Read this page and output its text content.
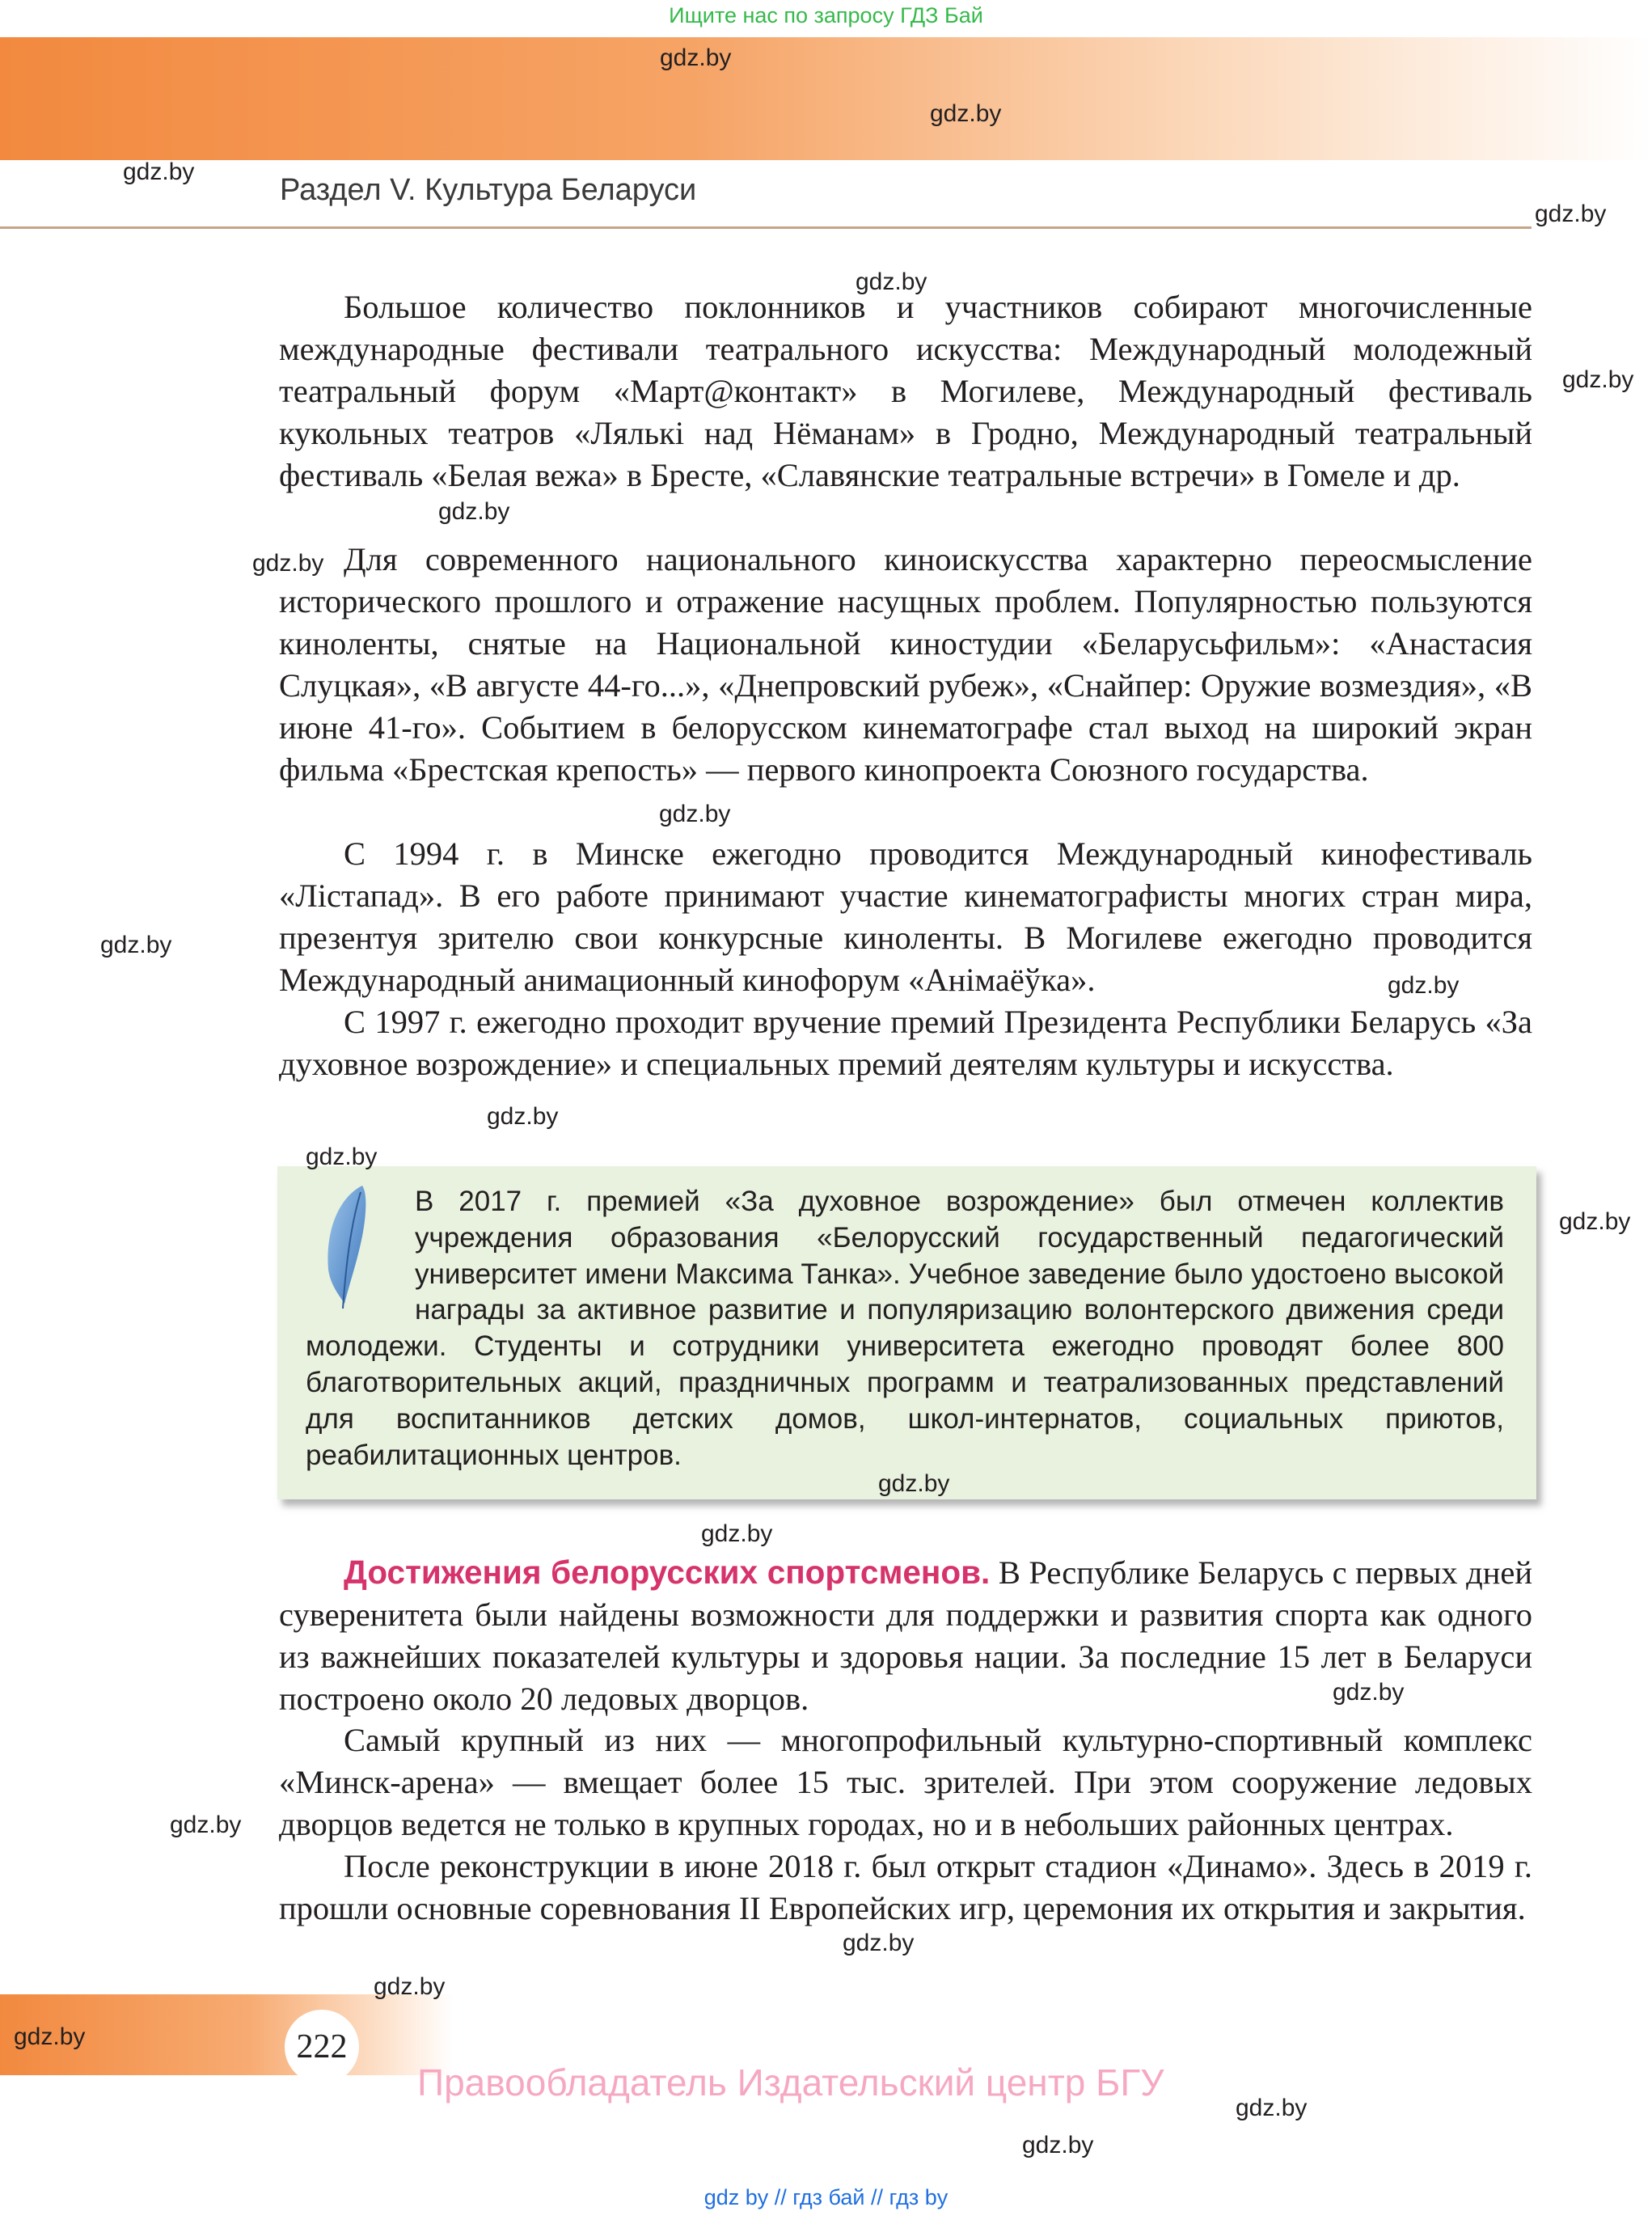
Ищите нас по запросу ГДЗ Бай
Раздел V. Культура Беларуси

Большое количество поклонников и участников собирают многочисленные международные фестивали театрального искусства: Международный молодежный театральный форум «Март@контакт» в Могилеве, Международный фестиваль кукольных театров «Лялькі над Нёманам» в Гродно, Международный театральный фестиваль «Белая вежа» в Бресте, «Славянские театральные встречи» в Гомеле и др.

Для современного национального киноискусства характерно переосмысление исторического прошлого и отражение насущных проблем. Популярностью пользуются киноленты, снятые на Национальной киностудии «Беларусьфильм»: «Анастасия Слуцкая», «В августе 44-го...», «Днепровский рубеж», «Снайпер: Оружие возмездия», «В июне 41-го». Событием в белорусском кинематографе стал выход на широкий экран фильма «Брестская крепость» — первого кинопроекта Союзного государства.

С 1994 г. в Минске ежегодно проводится Международный кинофестиваль «Лістапад». В его работе принимают участие кинематографисты многих стран мира, презентуя зрителю свои конкурсные киноленты. В Могилеве ежегодно проводится Международный анимационный кинофорум «Анімаёўка».

С 1997 г. ежегодно проходит вручение премий Президента Республики Беларусь «За духовное возрождение» и специальных премий деятелям культуры и искусства.

В 2017 г. премией «За духовное возрождение» был отмечен коллектив учреждения образования «Белорусский государственный педагогический университет имени Максима Танка». Учебное заведение было удостоено высокой награды за активное развитие и популяризацию волонтерского движения среди молодежи. Студенты и сотрудники университета ежегодно проводят более 800 благотворительных акций, праздничных программ и театрализованных представлений для воспитанников детских домов, школ-интернатов, социальных приютов, реабилитационных центров.

Достижения белорусских спортсменов. В Республике Беларусь с первых дней суверенитета были найдены возможности для поддержки и развития спорта как одного из важнейших показателей культуры и здоровья нации. За последние 15 лет в Беларуси построено около 20 ледовых дворцов.

Самый крупный из них — многопрофильный культурно-спортивный комплекс «Минск-арена» — вмещает более 15 тыс. зрителей. При этом сооружение ледовых дворцов ведется не только в крупных городах, но и в небольших районных центрах.

После реконструкции в июне 2018 г. был открыт стадион «Динамо». Здесь в 2019 г. прошли основные соревнования II Европейских игр, церемония их открытия и закрытия.

222
Правообладатель Издательский центр БГУ
gdz by // гдз бай // гдз by
gdz.by
gdz.by
gdz.by
gdz.by
gdz.by
gdz.by
gdz.by
gdz.by
gdz.by
gdz.by
gdz.by
gdz.by
gdz.by
gdz.by
gdz.by
gdz.by
gdz.by
gdz.by
gdz.by
gdz.by
gdz.by
gdz.by
gdz.by
